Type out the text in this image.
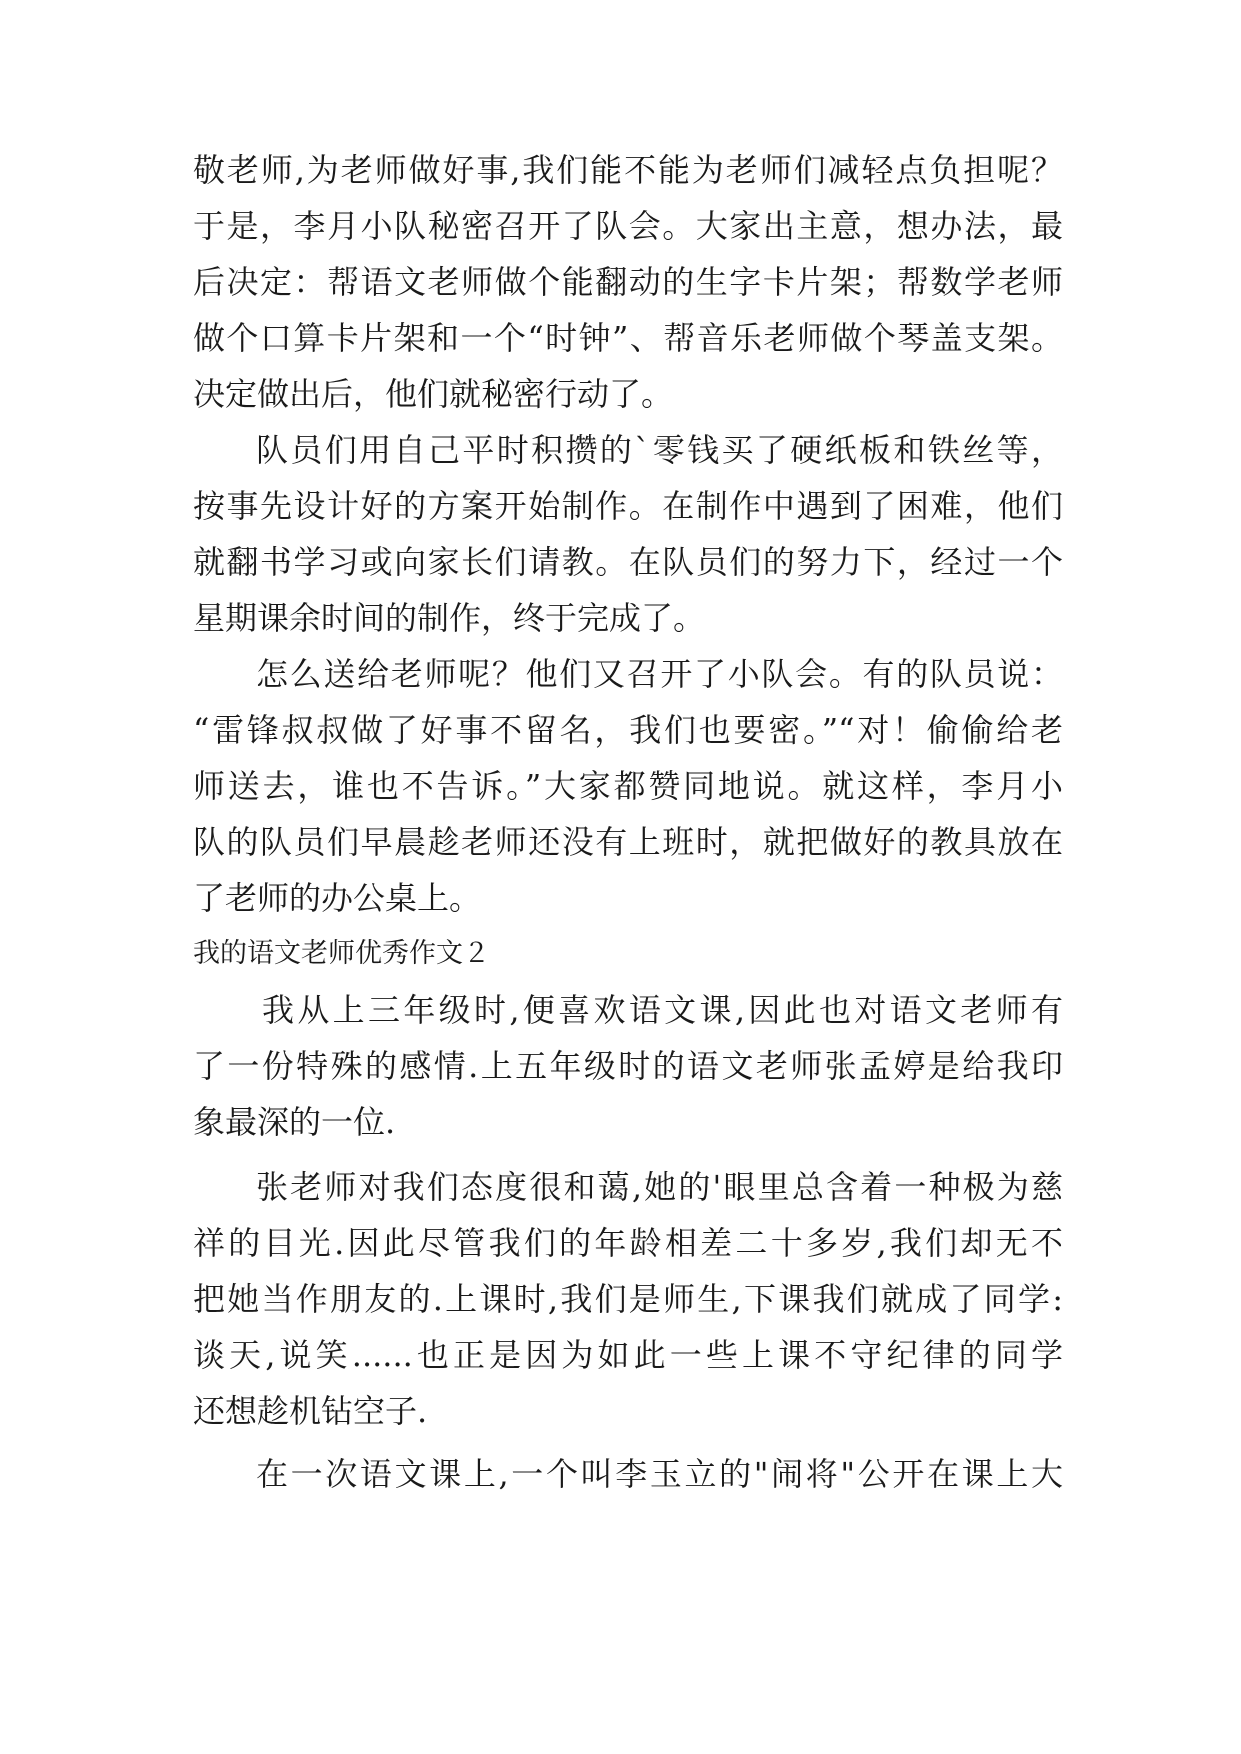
敬老师,为老师做好事,我们能不能为老师们减轻点负担呢？
于是，李月小队秘密召开了队会。大家出主意，想办法，最
后决定：帮语文老师做个能翻动的生字卡片架；帮数学老师
做个口算卡片架和一个“时钟”、帮音乐老师做个琴盖支架。
决定做出后，他们就秘密行动了。
队员们用自己平时积攒的`零钱买了硬纸板和铁丝等，
按事先设计好的方案开始制作。在制作中遇到了困难，他们
就翻书学习或向家长们请教。在队员们的努力下，经过一个
星期课余时间的制作，终于完成了。
怎么送给老师呢？他们又召开了小队会。有的队员说：
“雷锋叔叔做了好事不留名，我们也要密。”“对！偷偷给老
师送去，谁也不告诉。”大家都赞同地说。就这样，李月小
队的队员们早晨趁老师还没有上班时，就把做好的教具放在
了老师的办公桌上。
我的语文老师优秀作文２
我从上三年级时,便喜欢语文课,因此也对语文老师有
了一份特殊的感情.上五年级时的语文老师张孟婷是给我印
象最深的一位.
张老师对我们态度很和蔼,她的'眼里总含着一种极为慈
祥的目光.因此尽管我们的年龄相差二十多岁,我们却无不
把她当作朋友的.上课时,我们是师生,下课我们就成了同学:
谈天,说笑......也正是因为如此一些上课不守纪律的同学
还想趁机钻空子.
在一次语文课上,一个叫李玉立的"闹将"公开在课上大
